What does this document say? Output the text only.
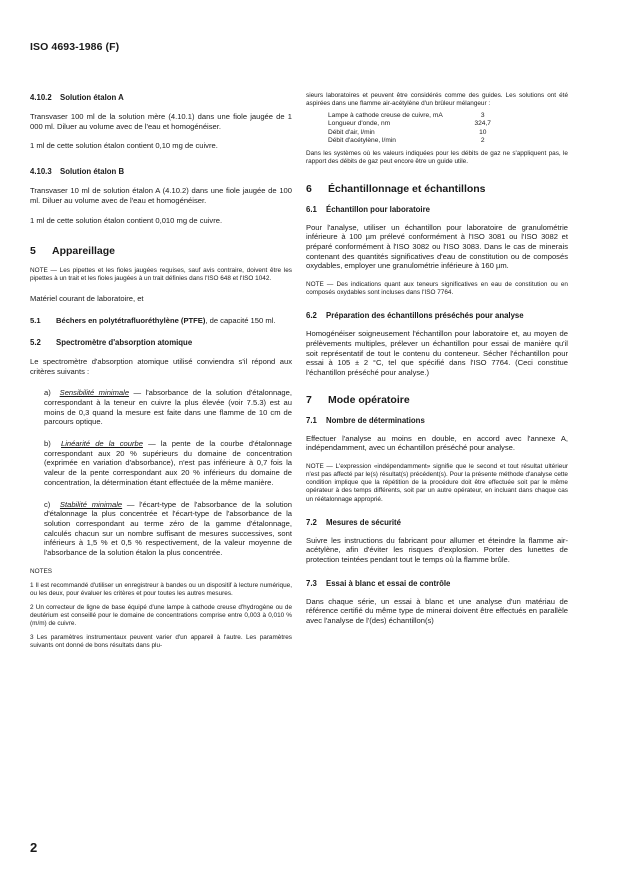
ISO 4693-1986 (F)
4.10.2 Solution étalon A

Transvaser 100 ml de la solution mère (4.10.1) dans une fiole jaugée de 1 000 ml. Diluer au volume avec de l'eau et homogénéiser.

1 ml de cette solution étalon contient 0,10 mg de cuivre.

4.10.3 Solution étalon B

Transvaser 10 ml de solution étalon A (4.10.2) dans une fiole jaugée de 100 ml. Diluer au volume avec de l'eau et homogénéiser.

1 ml de cette solution étalon contient 0,010 mg de cuivre.

5 Appareillage

NOTE — Les pipettes et les fioles jaugées requises, sauf avis contraire, doivent être les pipettes à un trait et les fioles jaugées à un trait définies dans l'ISO 648 et l'ISO 1042.

Matériel courant de laboratoire, et

5.1 Béchers en polytétrafluoréthylène (PTFE), de capacité 150 ml.

5.2 Spectromètre d'absorption atomique

Le spectromètre d'absorption atomique utilisé conviendra s'il répond aux critères suivants :

a) Sensibilité minimale — l'absorbance de la solution d'étalonnage, correspondant à la teneur en cuivre la plus élevée (voir 7.5.3) est au moins de 0,3 quand la mesure est faite dans une flamme de 10 cm de parcours optique.

b) Linéarité de la courbe — la pente de la courbe d'étalonnage correspondant aux 20 % supérieurs du domaine de concentration (exprimée en variation d'absorbance), n'est pas inférieure à 0,7 fois la valeur de la pente correspondant aux 20 % inférieurs du domaine de concentration, la détermination étant effectuée de la même manière.

c) Stabilité minimale — l'écart-type de l'absorbance de la solution d'étalonnage la plus concentrée et l'écart-type de l'absorbance de la solution correspondant au terme zéro de la gamme d'étalonnage, calculés chacun sur un nombre suffisant de mesures successives, sont inférieurs à 1,5 % et 0,5 % respectivement, de la valeur moyenne de l'absorbance de la solution étalon la plus concentrée.

NOTES

1 Il est recommandé d'utiliser un enregistreur à bandes ou un dispositif à lecture numérique, ou les deux, pour évaluer les critères et pour toutes les autres mesures.

2 Un correcteur de ligne de base équipé d'une lampe à cathode creuse d'hydrogène ou de deutérium est conseillé pour le domaine de concentrations comprise entre 0,003 à 0,010 % (m/m) de cuivre.

3 Les paramètres instrumentaux peuvent varier d'un appareil à l'autre. Les paramètres suivants ont donné de bons résultats dans plu-

sieurs laboratoires et peuvent être considérés comme des guides. Les solutions ont été aspirées dans une flamme air-acétylène d'un brûleur mélangeur :

Lampe à cathode creuse de cuivre, mA	3
Longueur d'onde, nm	324,7
Débit d'air, l/min	10
Débit d'acétylène, l/min	2

Dans les systèmes où les valeurs indiquées pour les débits de gaz ne s'appliquent pas, le rapport des débits de gaz peut encore être un guide utile.

6 Échantillonnage et échantillons
6.1 Échantillon pour laboratoire

Pour l'analyse, utiliser un échantillon pour laboratoire de granulométrie inférieure à 100 µm prélevé conformément à l'ISO 3081 ou l'ISO 3082 et préparé conformément à l'ISO 3082 ou l'ISO 3083. Dans le cas de minerais contenant des quantités significatives d'eau de constitution ou de composés oxydables, employer une granulométrie inférieure à 160 µm.

NOTE — Des indications quant aux teneurs significatives en eau de constitution ou en composés oxydables sont incluses dans l'ISO 7764.

6.2 Préparation des échantillons préséchés pour analyse

Homogénéiser soigneusement l'échantillon pour laboratoire et, au moyen de prélèvements multiples, prélever un échantillon pour essai de manière qu'il soit représentatif de tout le contenu du conteneur. Sécher l'échantillon pour essai à 105 ± 2 °C, tel que spécifié dans l'ISO 7764. (Ceci constitue l'échantillon préséché pour analyse.)

7 Mode opératoire
7.1 Nombre de déterminations

Effectuer l'analyse au moins en double, en accord avec l'annexe A, indépendamment, avec un échantillon préséché pour analyse.

NOTE — L'expression «indépendamment» signifie que le second et tout résultat ultérieur n'est pas affecté par le(s) résultat(s) précédent(s). Pour la présente méthode d'analyse cette condition implique que la répétition de la procédure doit être effectuée soit par le même opérateur à des temps différents, soit par un autre opérateur, en incluant dans chaque cas un réétalonnage approprié.

7.2 Mesures de sécurité

Suivre les instructions du fabricant pour allumer et éteindre la flamme air-acétylène, afin d'éviter les risques d'explosion. Porter des lunettes de protection teintées pendant tout le temps où la flamme brûle.

7.3 Essai à blanc et essai de contrôle

Dans chaque série, un essai à blanc et une analyse d'un matériau de référence certifié du même type de minerai doivent être effectués en parallèle avec l'analyse de l'(des) échantillon(s)

2
